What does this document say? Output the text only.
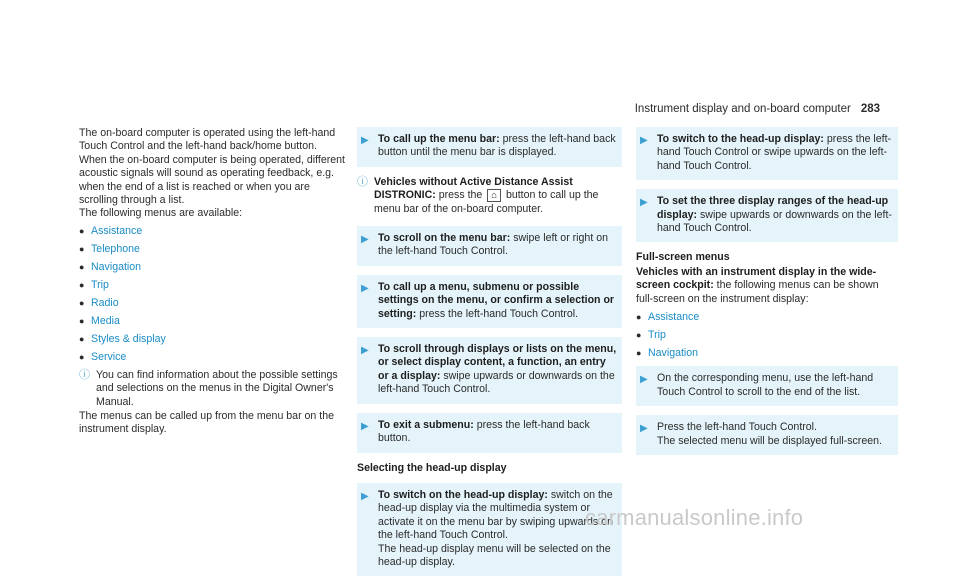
Instrument display and on-board computer 283

The on-board computer is operated using the left-hand Touch Control and the left-hand back/home button.

When the on-board computer is being operated, different acoustic signals will sound as operating feedback, e.g. when the end of a list is reached or when you are scrolling through a list.

The following menus are available:

● Assistance
● Telephone
● Navigation
● Trip
● Radio
● Media
● Styles & display
● Service
ⓘ You can find information about the possible settings and selections on the menus in the Digital Owner's Manual.

The menus can be called up from the menu bar on the instrument display.

▶ To call up the menu bar: press the left-hand back button until the menu bar is displayed.
ⓘ Vehicles without Active Distance Assist DISTRONIC: press the ⌂ button to call up the menu bar of the on-board computer.
▶ To scroll on the menu bar: swipe left or right on the left-hand Touch Control.
▶ To call up a menu, submenu or possible settings on the menu, or confirm a selection or setting: press the left-hand Touch Control.
▶ To scroll through displays or lists on the menu, or select display content, a function, an entry or a display: swipe upwards or downwards on the left-hand Touch Control.
▶ To exit a submenu: press the left-hand back button.
Selecting the head-up display
▶ To switch on the head-up display: switch on the head-up display via the multimedia system or activate it on the menu bar by swiping upwards on the left-hand Touch Control.
The head-up display menu will be selected on the head-up display.
▶ To switch to the head-up display: press the left-hand Touch Control or swipe upwards on the left-hand Touch Control.
▶ To set the three display ranges of the head-up display: swipe upwards or downwards on the left-hand Touch Control.
Full-screen menus

Vehicles with an instrument display in the wide-screen cockpit: the following menus can be shown full-screen on the instrument display:

● Assistance
● Trip
● Navigation
▶ On the corresponding menu, use the left-hand Touch Control to scroll to the end of the list.
▶ Press the left-hand Touch Control.
The selected menu will be displayed full-screen.
carmanualsonline.info
